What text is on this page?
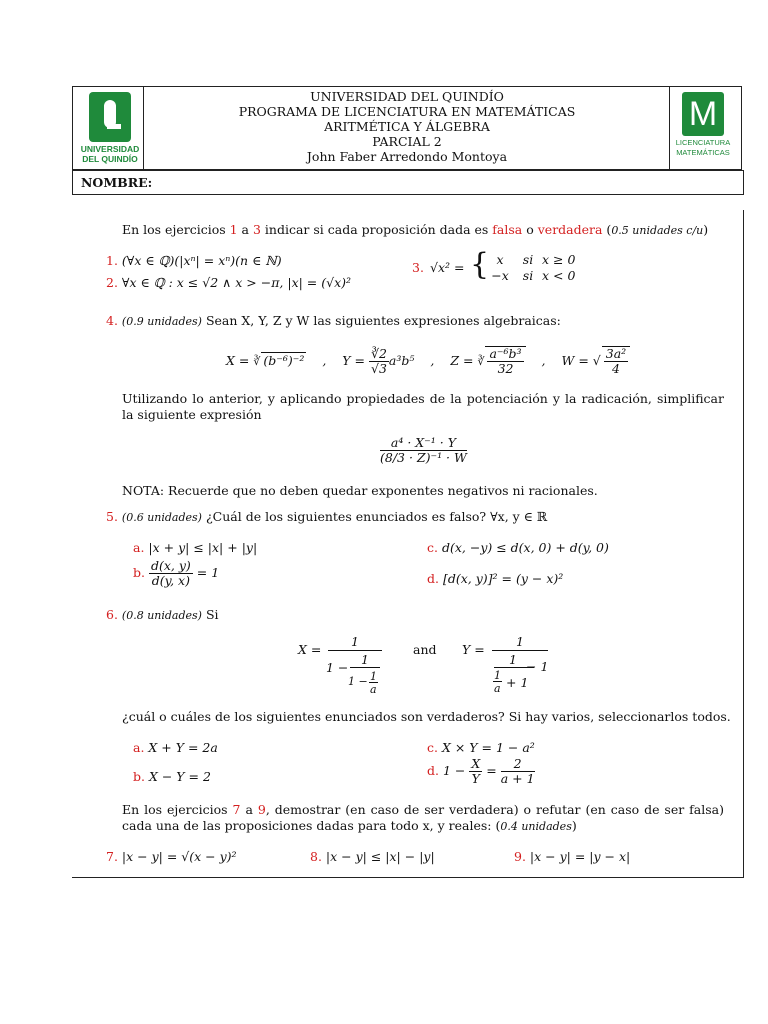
UNIVERSIDAD DEL QUINDÍO
PROGRAMA DE LICENCIATURA EN MATEMÁTICAS
ARITMÉTICA Y ÁLGEBRA
PARCIAL 2
John Faber Arredondo Montoya
UNIVERSIDAD
DEL QUINDÍO
M
LICENCIATURA
MATEMÁTICAS
NOMBRE:
En los ejercicios 1 a 3 indicar si cada proposición dada es falsa o verdadera (0.5 unidades c/u)
1. (∀x ∈ ℚ)(|xⁿ| = xⁿ)(n ∈ ℕ)
2. ∀x ∈ ℚ : x ≤ √2 ∧ x > −π, |x| = (√x)²
3. √x² = { x si x ≥ 0
−x si x < 0
4. (0.9 unidades) Sean X, Y, Z y W las siguientes expresiones algebraicas:
X = ∛ (b⁻⁶)⁻² , $Y = \frac{∛2}{√3} a^3b^5$ , Z = ∛ $\frac{\text{a⁻⁶b³}}{32}$ , W = √ $\frac{\text{3a²}}{4}$
Utilizando lo anterior, y aplicando propiedades de la potenciación y la radicación, simplificar la siguiente expresión
$\frac{\text{a⁴ · X⁻¹ · Y}}{\text{(8/3 · Z)⁻¹ · W}}$
NOTA: Recuerde que no deben quedar exponentes negativos ni racionales.
5. (0.6 unidades) ¿Cuál de los siguientes enunciados es falso? ∀x, y ∈ ℝ
a. |x + y| ≤ |x| + |y|
b. $\frac{d(x, y)}{d(y, x)} = 1$
c. d(x, −y) ≤ d(x, 0) + d(y, 0)
d. [d(x, y)]² = (y − x)²
6. (0.8 unidades) Si
X =
1
1 −
1
1 − 1
a
and Y =
1
1 − 1
1
a + 1
¿cuál o cuáles de los siguientes enunciados son verdaderos? Si hay varios, seleccionarlos todos.
a. X + Y = 2a
b. X − Y = 2
c. X × Y = 1 − a²
d. $1 - \frac{X}{Y} = \frac{2}{a + 1}$
En los ejercicios 7 a 9, demostrar (en caso de ser verdadera) o refutar (en caso de ser falsa) cada una de las proposiciones dadas para todo x, y reales: (0.4 unidades)
7. |x − y| = √(x − y)²	8. |x − y| ≤ |x| − |y|	9. |x − y| = |y − x|
